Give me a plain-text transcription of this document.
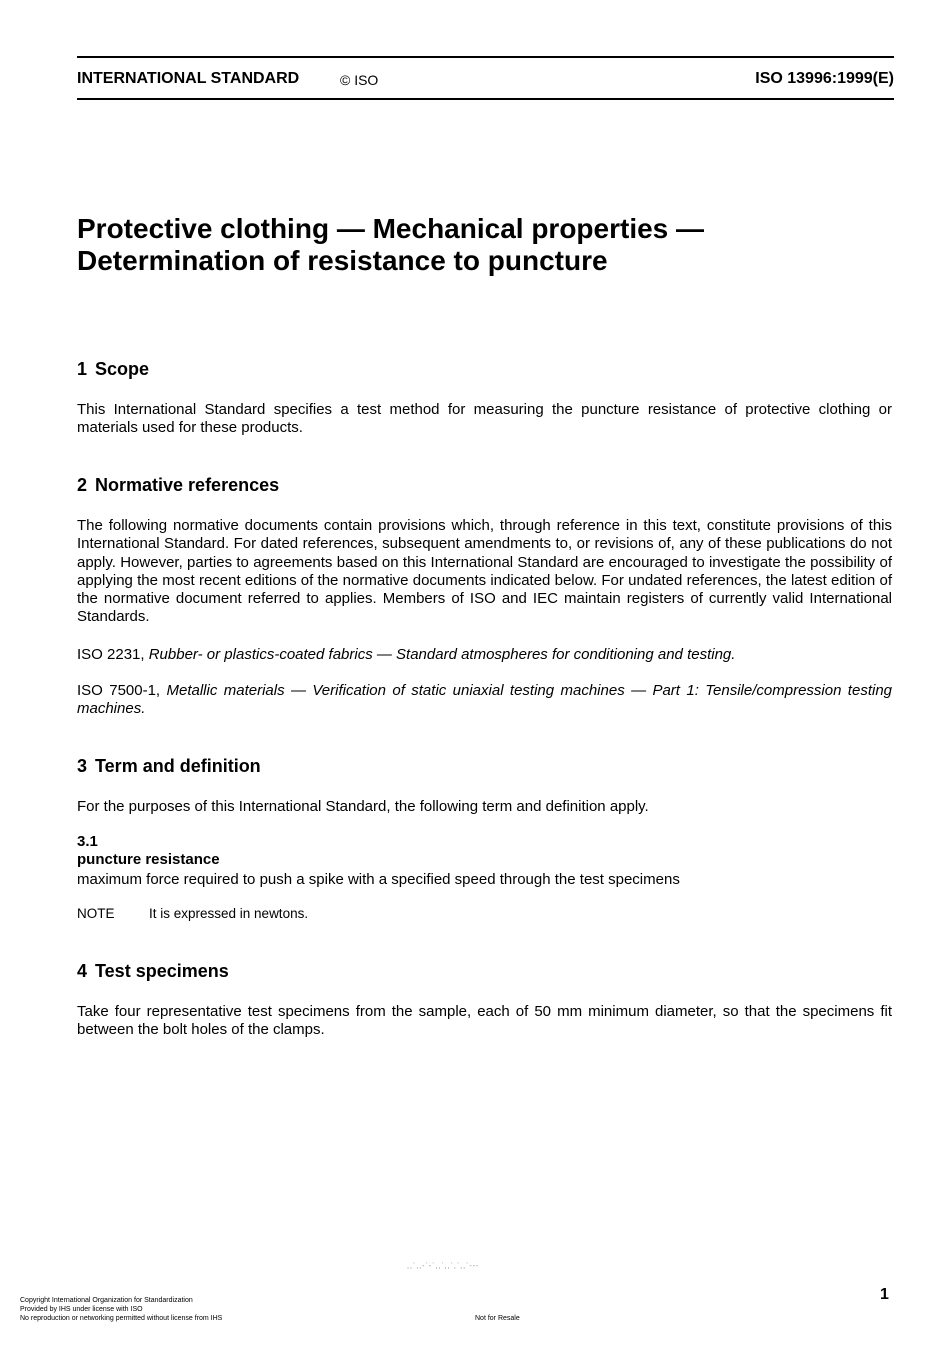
INTERNATIONAL STANDARD	© ISO	ISO 13996:1999(E)
Protective clothing — Mechanical properties —
Determination of resistance to puncture
1 Scope
This International Standard specifies a test method for measuring the puncture resistance of protective clothing or materials used for these products.
2 Normative references
The following normative documents contain provisions which, through reference in this text, constitute provisions of this International Standard. For dated references, subsequent amendments to, or revisions of, any of these publications do not apply. However, parties to agreements based on this International Standard are encouraged to investigate the possibility of applying the most recent editions of the normative documents indicated below. For undated references, the latest edition of the normative document referred to applies. Members of ISO and IEC maintain registers of currently valid International Standards.
ISO 2231, Rubber- or plastics-coated fabrics — Standard atmospheres for conditioning and testing.
ISO 7500-1, Metallic materials — Verification of static uniaxial testing machines — Part 1: Tensile/compression testing machines.
3 Term and definition
For the purposes of this International Standard, the following term and definition apply.
3.1
puncture resistance
maximum force required to push a spike with a specified speed through the test specimens
NOTE	It is expressed in newtons.
4 Test specimens
Take four representative test specimens from the sample, each of 50 mm minimum diameter, so that the specimens fit between the bolt holes of the clamps.
,,`,,-`-`,,`,,`,`,,`---
1
Copyright International Organization for Standardization
Provided by IHS under license with ISO
No reproduction or networking permitted without license from IHS	Not for Resale
